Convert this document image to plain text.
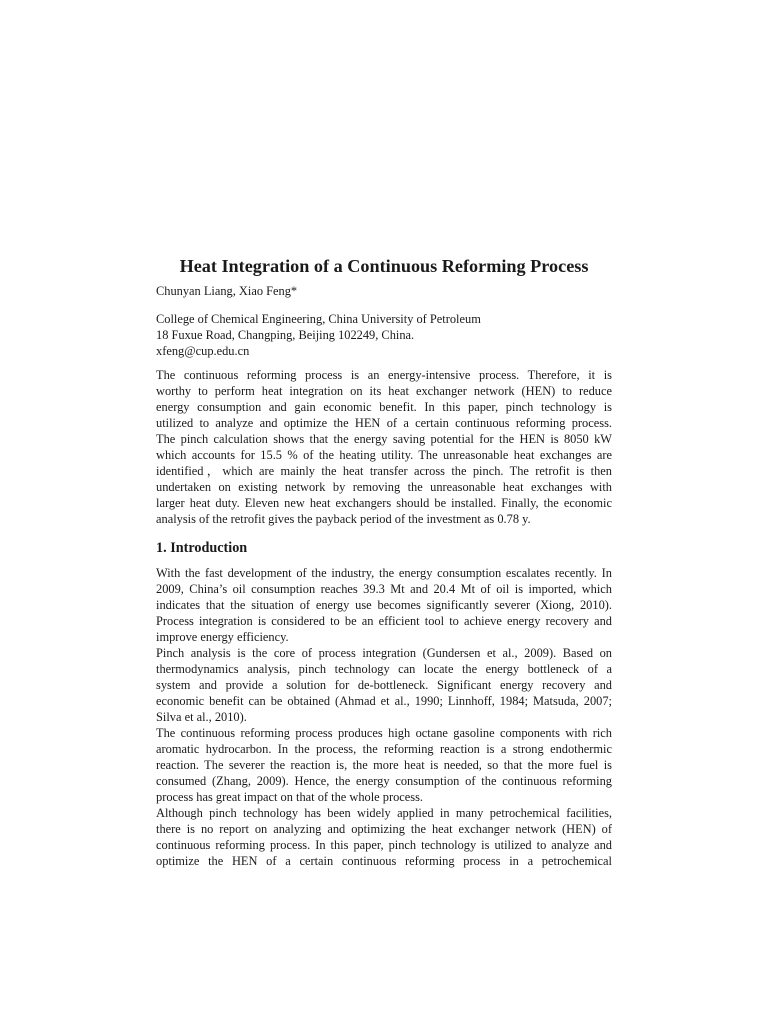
Heat Integration of a Continuous Reforming Process

Chunyan Liang, Xiao Feng*

College of Chemical Engineering, China University of Petroleum
18 Fuxue Road, Changping, Beijing 102249, China.
xfeng@cup.edu.cn

The continuous reforming process is an energy-intensive process. Therefore, it is
worthy to perform heat integration on its heat exchanger network (HEN) to reduce
energy consumption and gain economic benefit. In this paper, pinch technology is
utilized to analyze and optimize the HEN of a certain continuous reforming process.
The pinch calculation shows that the energy saving potential for the HEN is 8050 kW
which accounts for 15.5 % of the heating utility. The unreasonable heat exchanges are
identified，which are mainly the heat transfer across the pinch. The retrofit is then
undertaken on existing network by removing the unreasonable heat exchanges with
larger heat duty. Eleven new heat exchangers should be installed. Finally, the economic
analysis of the retrofit gives the payback period of the investment as 0.78 y.
1. Introduction
With the fast development of the industry, the energy consumption escalates recently. In
2009, China’s oil consumption reaches 39.3 Mt and 20.4 Mt of oil is imported, which
indicates that the situation of energy use becomes significantly severer (Xiong, 2010).
Process integration is considered to be an efficient tool to achieve energy recovery and
improve energy efficiency.
Pinch analysis is the core of process integration (Gundersen et al., 2009). Based on
thermodynamics analysis, pinch technology can locate the energy bottleneck of a
system and provide a solution for de-bottleneck. Significant energy recovery and
economic benefit can be obtained (Ahmad et al., 1990; Linnhoff, 1984; Matsuda, 2007;
Silva et al., 2010).
The continuous reforming process produces high octane gasoline components with rich
aromatic hydrocarbon. In the process, the reforming reaction is a strong endothermic
reaction. The severer the reaction is, the more heat is needed, so that the more fuel is
consumed (Zhang, 2009). Hence, the energy consumption of the continuous reforming
process has great impact on that of the whole process.
Although pinch technology has been widely applied in many petrochemical facilities,
there is no report on analyzing and optimizing the heat exchanger network (HEN) of
continuous reforming process. In this paper, pinch technology is utilized to analyze and
optimize the HEN of a certain continuous reforming process in a petrochemical
